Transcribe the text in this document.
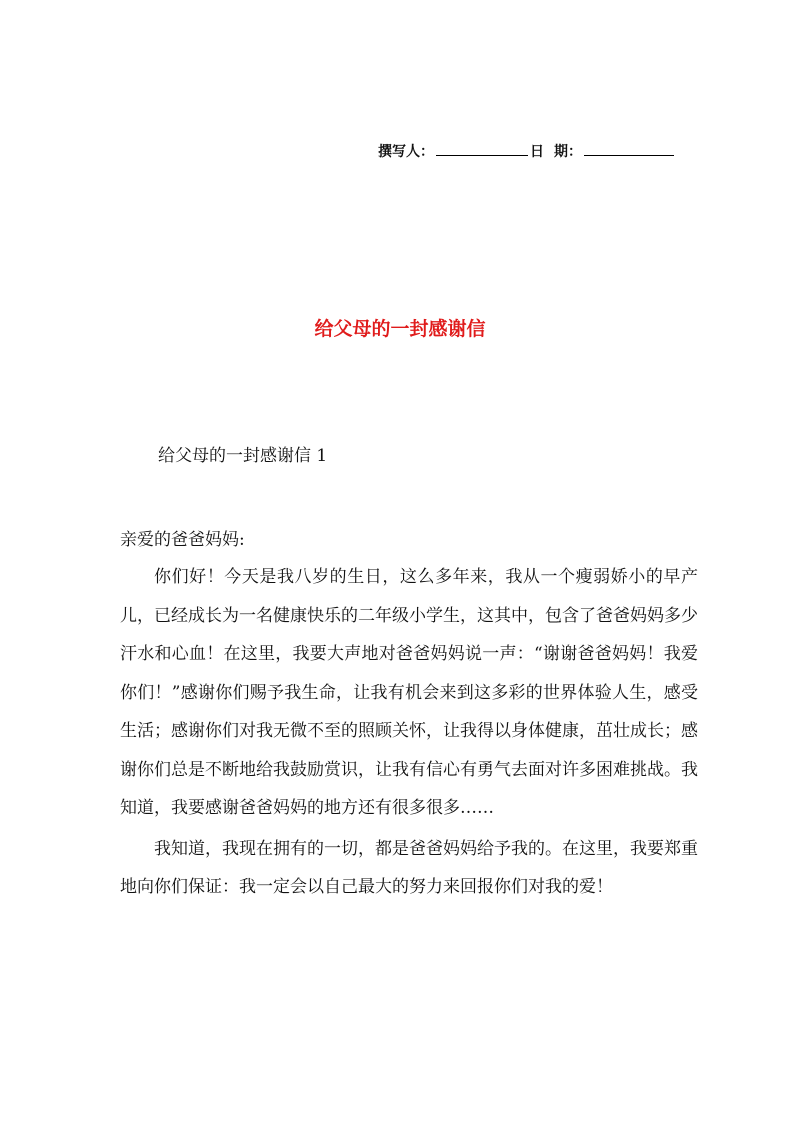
撰写人：	日 期：
给父母的一封感谢信
给父母的一封感谢信 1
亲爱的爸爸妈妈:

你们好！今天是我八岁的生日，这么多年来，我从一个瘦弱娇小的早产儿，已经成长为一名健康快乐的二年级小学生，这其中，包含了爸爸妈妈多少汗水和心血！在这里，我要大声地对爸爸妈妈说一声：“谢谢爸爸妈妈！我爱你们！”感谢你们赐予我生命，让我有机会来到这多彩的世界体验人生，感受生活；感谢你们对我无微不至的照顾关怀，让我得以身体健康，茁壮成长；感谢你们总是不断地给我鼓励赏识，让我有信心有勇气去面对许多困难挑战。我知道，我要感谢爸爸妈妈的地方还有很多很多……

我知道，我现在拥有的一切，都是爸爸妈妈给予我的。在这里，我要郑重地向你们保证：我一定会以自己最大的努力来回报你们对我的爱！
